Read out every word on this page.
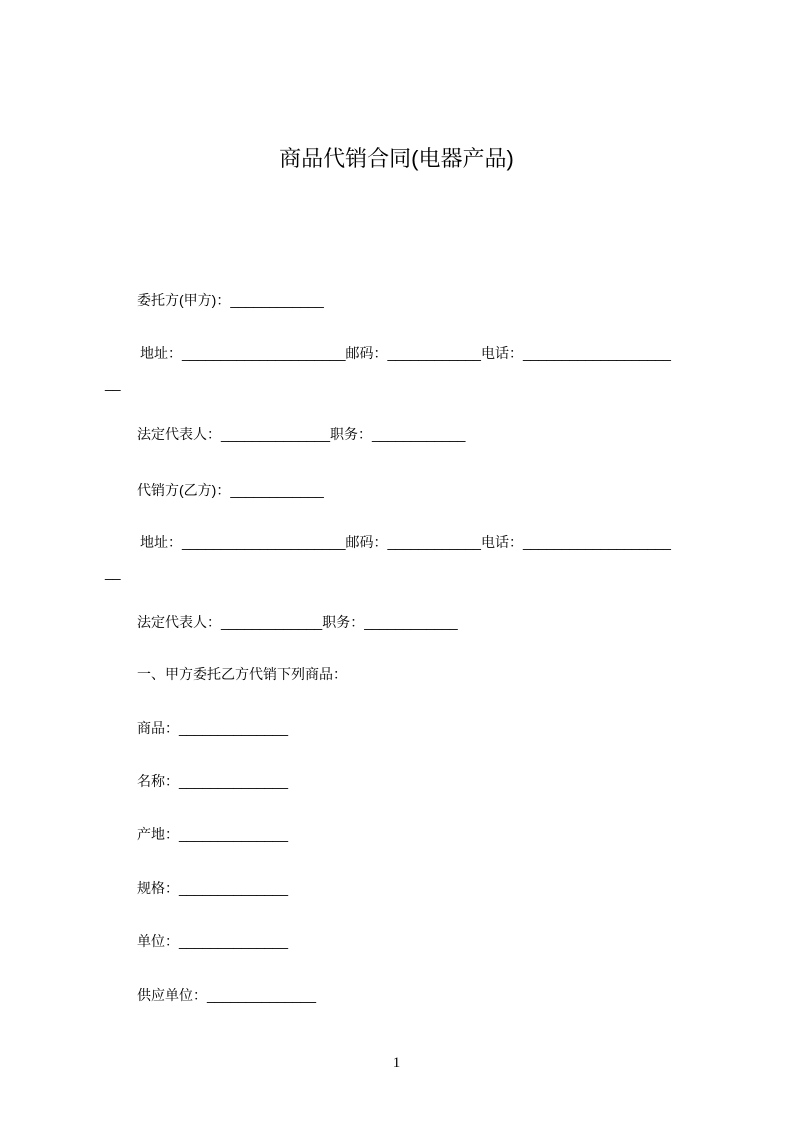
商品代销合同(电器产品)
委托方(甲方)：____________
地址：_____________________邮码：____________电话：___________________
__
法定代表人：______________职务：____________
代销方(乙方)：____________
地址：_____________________邮码：____________电话：___________________
__
法定代表人：_____________职务：____________
一、甲方委托乙方代销下列商品：
商品：______________
名称：______________
产地：______________
规格：______________
单位：______________
供应单位：______________
1
